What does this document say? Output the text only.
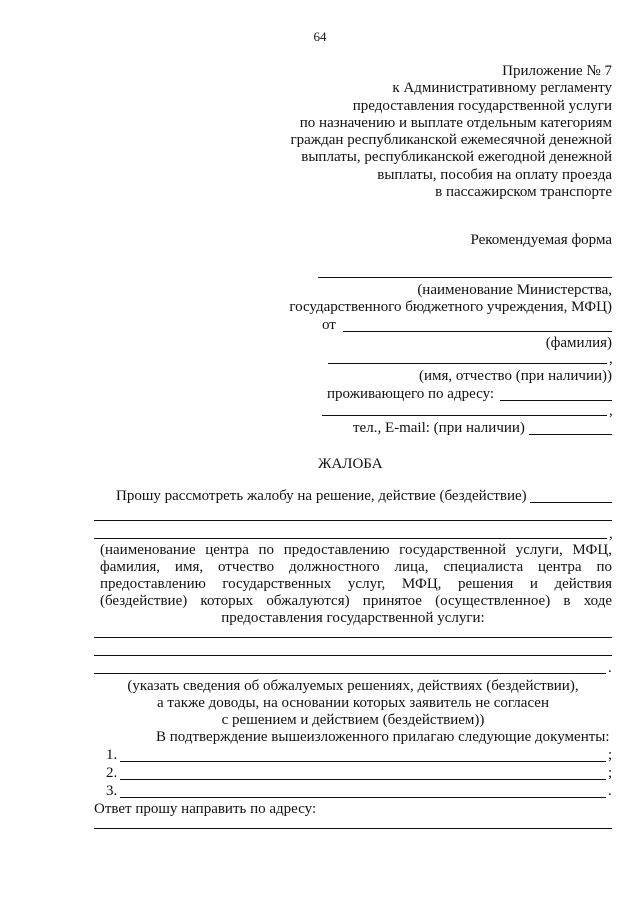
64
Приложение № 7
к Административному регламенту
предоставления государственной услуги
по назначению и выплате отдельным категориям
граждан республиканской ежемесячной денежной
выплаты, республиканской ежегодной денежной
выплаты, пособия на оплату проезда
в пассажирском транспорте
Рекомендуемая форма
(наименование Министерства,
государственного бюджетного учреждения, МФЦ)
от
(фамилия)
,
(имя, отчество (при наличии))
проживающего по адресу:
,
тел., E-mail: (при наличии)
ЖАЛОБА
Прошу рассмотреть жалобу на решение, действие (бездействие)
,
(наименование центра по предоставлению государственной услуги, МФЦ,
фамилия, имя, отчество должностного лица, специалиста центра по
предоставлению государственных услуг, МФЦ, решения и действия
(бездействие) которых обжалуются) принятое (осуществленное) в ходе
предоставления государственной услуги:
.
(указать сведения об обжалуемых решениях, действиях (бездействии),
а также доводы, на основании которых заявитель не согласен
с решением и действием (бездействием))
В подтверждение вышеизложенного прилагаю следующие документы:
1.	;
2.	;
3.	.
Ответ прошу направить по адресу:
